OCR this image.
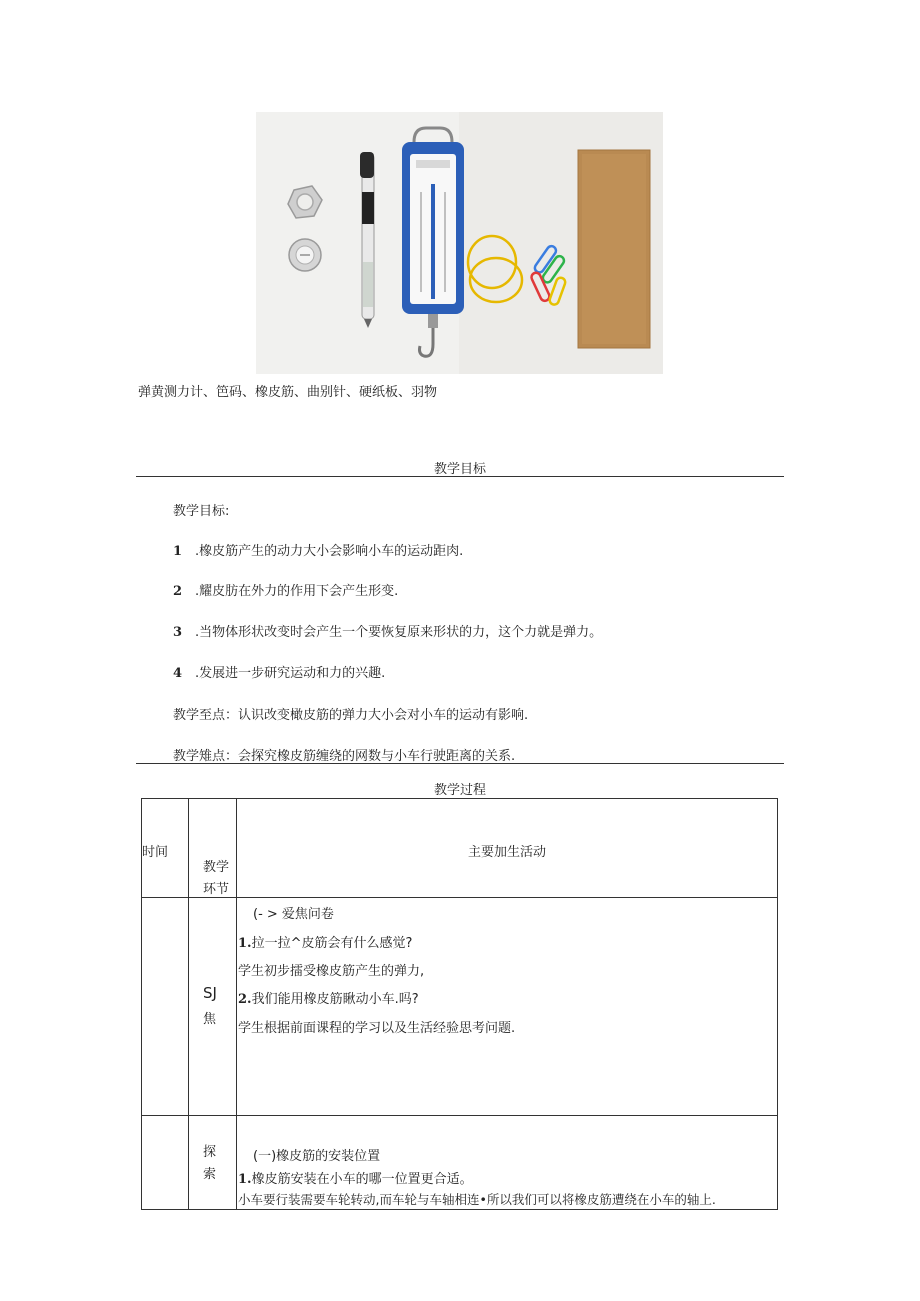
弹黄测力计、笆码、橡皮筋、曲别针、硬纸板、羽物
教学目标
教学目标:
1 .橡皮筋产生的动力大小会影响小车的运动距肉.
2 .耀皮肪在外力的作用下会产生形变.
3 .当物体形状改变时会产生一个要恢复原来形状的力，这个力就是弹力。
4 .发展进一步研究运动和力的兴趣.
教学至点：认识改变橄皮筋的弹力大小会对小车的运动有影响.
教学雉点：会探究橡皮筋缠绕的网数与小车行驶距离的关系.
教学过程
时间
教学
环节
主要加生活动
SJ
焦
(- > 爱焦问卷
1.拉一拉^皮筋会有什么感觉?
学生初步擂受橡皮筋产生的弹力,
2.我们能用橡皮筋瞅动小车.吗?
学生根据前面课程的学习以及生活经验思考问题.
探
索
(一)橡皮筋的安装位置
1.橡皮筋安装在小车的哪一位置更合适。
小车要行装需要车轮转动,而车轮与车轴相连•所以我们可以将橡皮筋遭绕在小车的轴上.
